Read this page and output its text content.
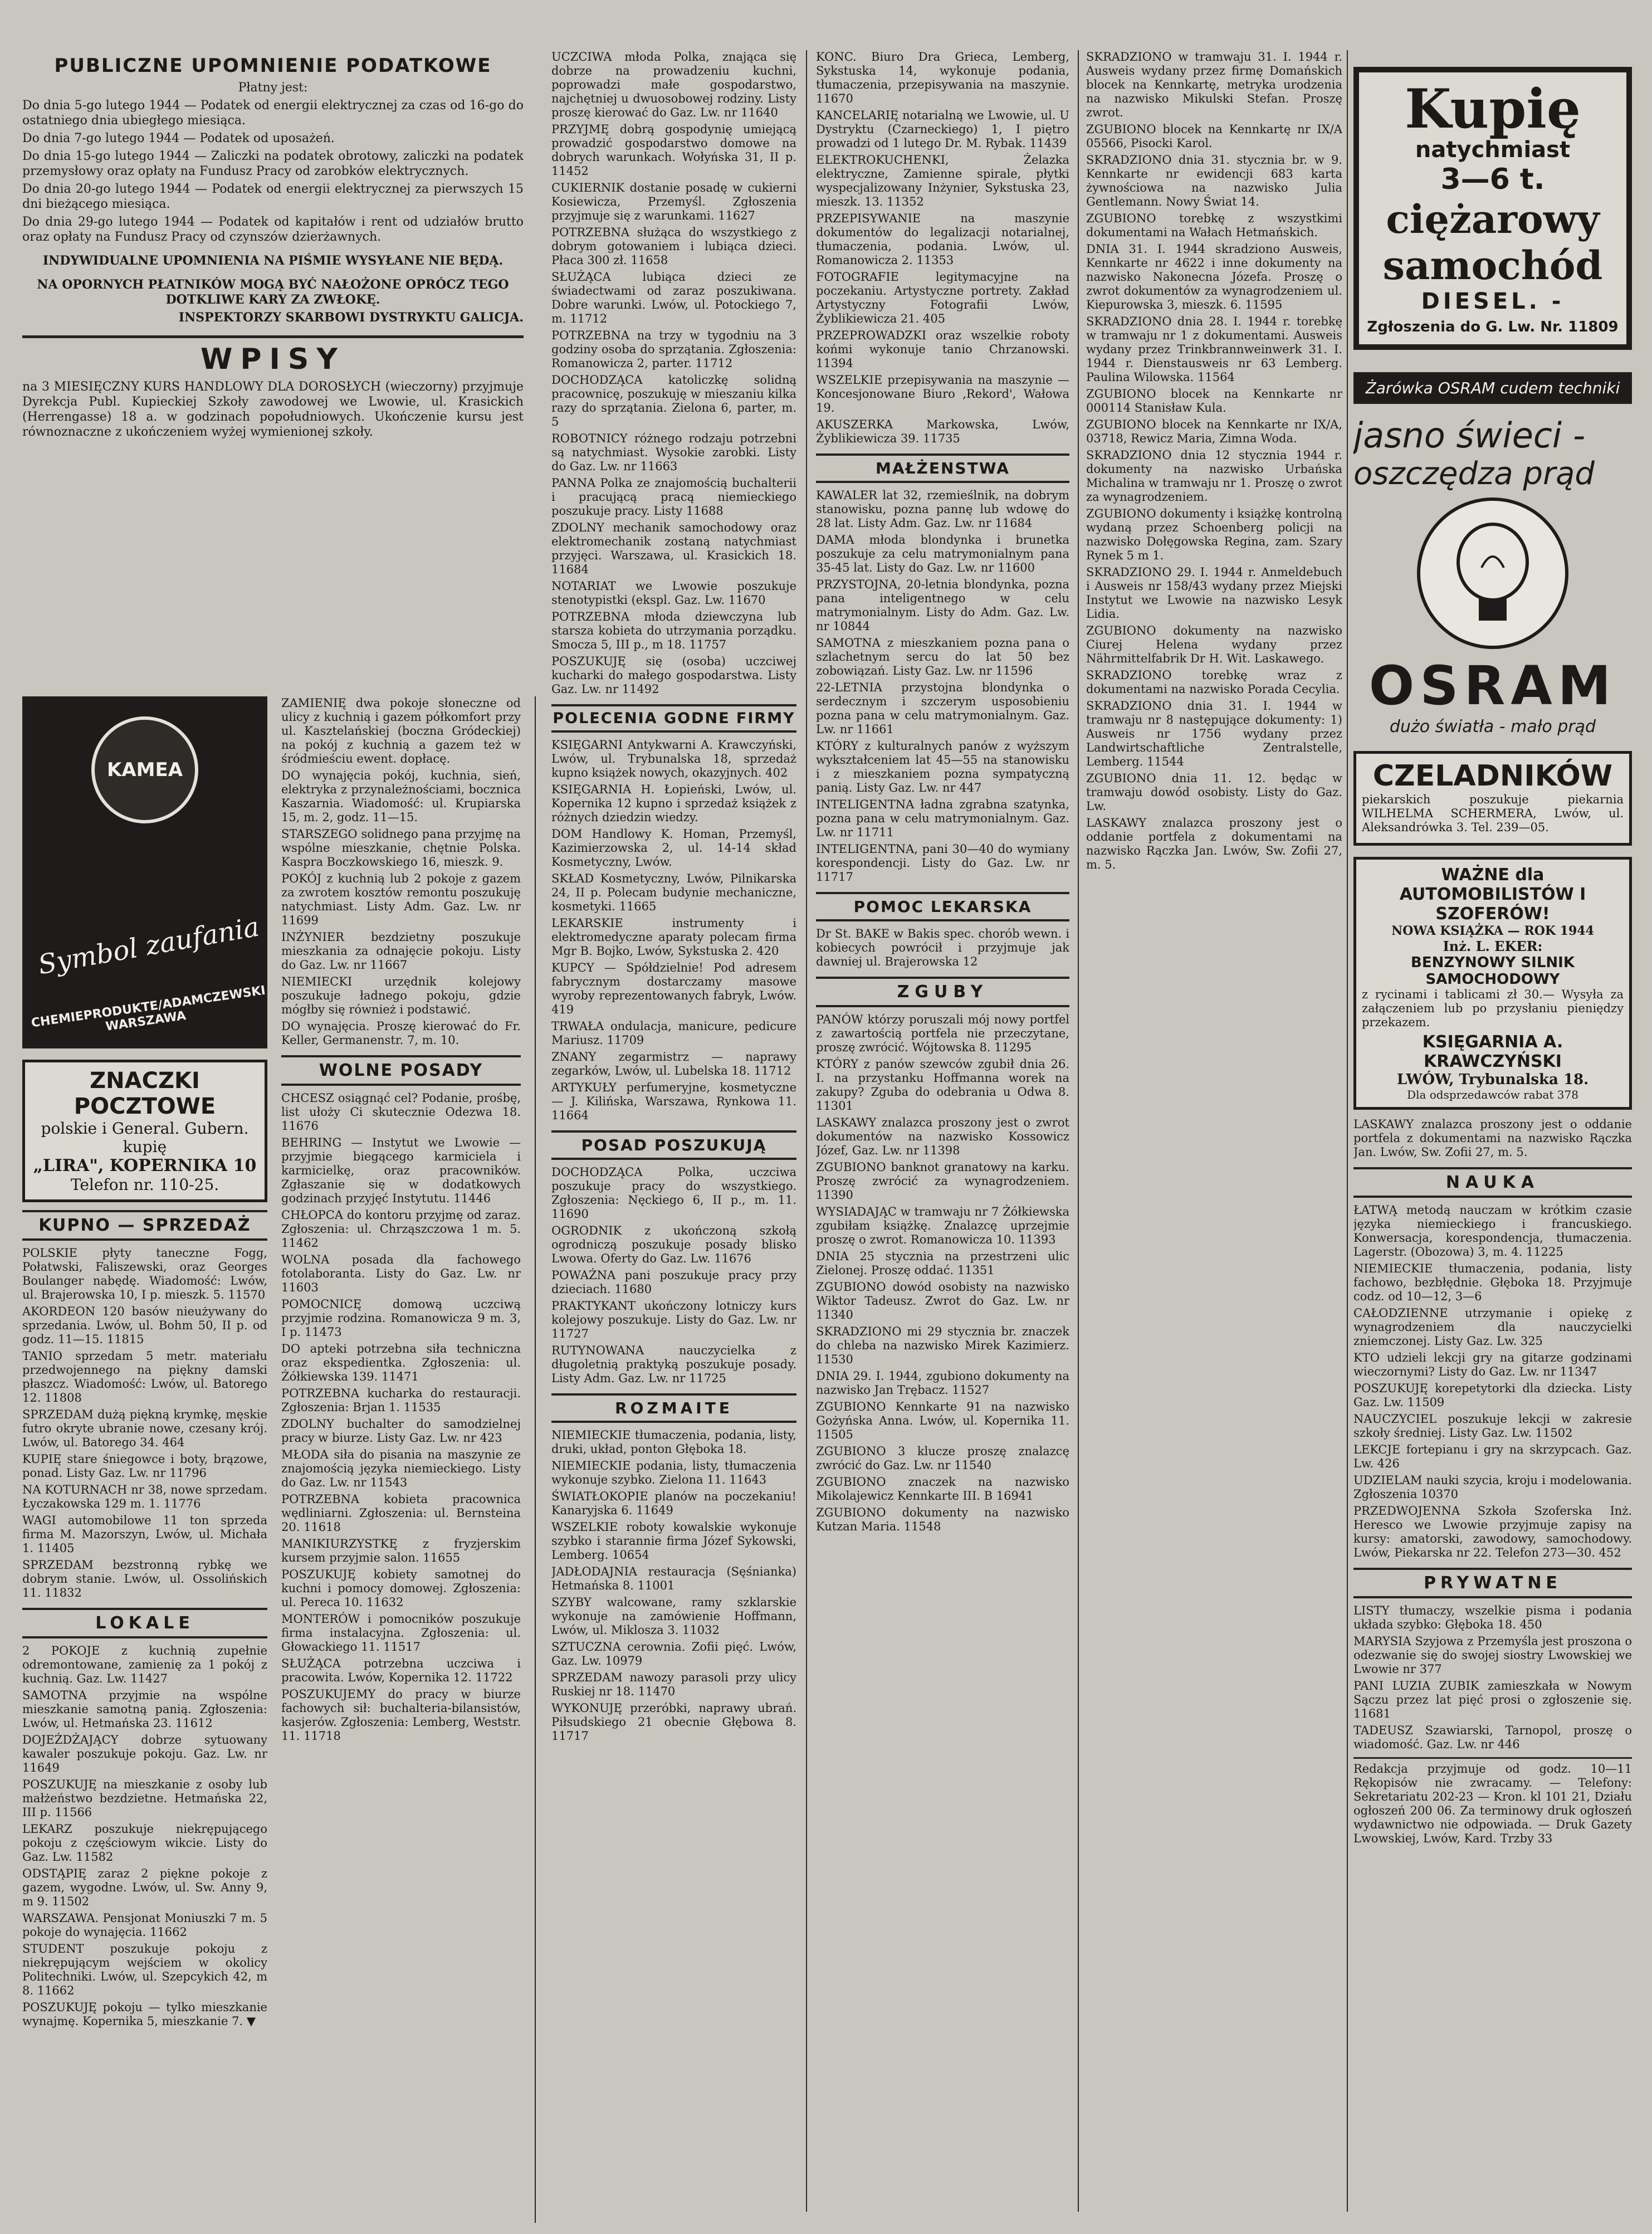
PUBLICZNE UPOMNIENIE PODATKOWE

Płatny jest:

Do dnia 5-go lutego 1944 — Podatek od energii elektrycznej za czas od 16-go do ostatniego dnia ubiegłego miesiąca.

Do dnia 7-go lutego 1944 — Podatek od uposażeń.

Do dnia 15-go lutego 1944 — Zaliczki na podatek obrotowy, zaliczki na podatek przemysłowy oraz opłaty na Fundusz Pracy od zarobków elektrycznych.

Do dnia 20-go lutego 1944 — Podatek od energii elektrycznej za pierwszych 15 dni bieżącego miesiąca.

Do dnia 29-go lutego 1944 — Podatek od kapitałów i rent od udziałów brutto oraz opłaty na Fundusz Pracy od czynszów dzierżawnych.

INDYWIDUALNE UPOMNIENIA NA PIŚMIE WYSYŁANE NIE BĘDĄ.

NA OPORNYCH PŁATNIKÓW MOGĄ BYĆ NAŁOŻONE OPRÓCZ TEGO DOTKLIWE KARY ZA ZWŁOKĘ.

INSPEKTORZY SKARBOWI DYSTRYKTU GALICJA.

WPISY

na 3 MIESIĘCZNY KURS HANDLOWY DLA DOROSŁYCH (wieczorny) przyjmuje Dyrekcja Publ. Kupieckiej Szkoły zawodowej we Lwowie, ul. Krasickich (Herrengasse) 18 a. w godzinach popołudniowych. Ukończenie kursu jest równoznaczne z ukończeniem wyżej wymienionej szkoły.

KAMEA
Symbol zaufania
CHEMIEPRODUKTE/ADAMCZEWSKI WARSZAWA
ZNACZKI POCZTOWE
polskie i General. Gubern.
kupię
„LIRA", KOPERNIKA 10
Telefon nr. 110-25.
KUPNO — SPRZEDAŻ

POLSKIE płyty taneczne Fogg, Połatwski, Faliszewski, oraz Georges Boulanger nabędę. Wiadomość: Lwów, ul. Brajerowska 10, I p. mieszk. 5. 11570

AKORDEON 120 basów nieużywany do sprzedania. Lwów, ul. Bohm 50, II p. od godz. 11—15. 11815

TANIO sprzedam 5 metr. materiału przedwojennego na piękny damski płaszcz. Wiadomość: Lwów, ul. Batorego 12. 11808

SPRZEDAM dużą piękną krymkę, męskie futro okryte ubranie nowe, czesany krój. Lwów, ul. Batorego 34. 464

KUPIĘ stare śniegowce i boty, brązowe, ponad. Listy Gaz. Lw. nr 11796

NA KOTURNACH nr 38, nowe sprzedam. Łyczakowska 129 m. 1. 11776

WAGI automobilowe 11 ton sprzeda firma M. Mazorszyn, Lwów, ul. Michała 1. 11405

SPRZEDAM bezstronną rybkę we dobrym stanie. Lwów, ul. Ossolińskich 11. 11832

LOKALE

2 POKOJE z kuchnią zupełnie odremontowane, zamienię za 1 pokój z kuchnią. Gaz. Lw. 11427

SAMOTNA przyjmie na wspólne mieszkanie samotną panią. Zgłoszenia: Lwów, ul. Hetmańska 23. 11612

DOJEŻDŻAJĄCY dobrze sytuowany kawaler poszukuje pokoju. Gaz. Lw. nr 11649

POSZUKUJĘ na mieszkanie z osoby lub małżeństwo bezdzietne. Hetmańska 22, III p. 11566

LEKARZ poszukuje niekrępującego pokoju z częściowym wikcie. Listy do Gaz. Lw. 11582

ODSTĄPIĘ zaraz 2 piękne pokoje z gazem, wygodne. Lwów, ul. Sw. Anny 9, m 9. 11502

WARSZAWA. Pensjonat Moniuszki 7 m. 5 pokoje do wynajęcia. 11662

STUDENT poszukuje pokoju z niekrępującym wejściem w okolicy Politechniki. Lwów, ul. Szepcykich 42, m 8. 11662

POSZUKUJĘ pokoju — tylko mieszkanie wynajmę. Kopernika 5, mieszkanie 7. ▼

ZAMIENIĘ dwa pokoje słoneczne od ulicy z kuchnią i gazem półkomfort przy ul. Kasztelańskiej (boczna Gródeckiej) na pokój z kuchnią a gazem też w śródmieściu ewent. dopłacę.

DO wynajęcia pokój, kuchnia, sień, elektryka z przynależnościami, bocznica Kaszarnia. Wiadomość: ul. Krupiarska 15, m. 2, godz. 11—15.

STARSZEGO solidnego pana przyjmę na wspólne mieszkanie, chętnie Polska. Kaspra Boczkowskiego 16, mieszk. 9.

POKÓJ z kuchnią lub 2 pokoje z gazem za zwrotem kosztów remontu poszukuję natychmiast. Listy Adm. Gaz. Lw. nr 11699

INŻYNIER bezdzietny poszukuje mieszkania za odnajęcie pokoju. Listy do Gaz. Lw. nr 11667

NIEMIECKI urzędnik kolejowy poszukuje ładnego pokoju, gdzie mógłby się również i podstawić.

DO wynajęcia. Proszę kierować do Fr. Keller, Germanenstr. 7, m. 10.

WOLNE POSADY

CHCESZ osiągnąć cel? Podanie, prośbę, list ułoży Ci skutecznie Odezwa 18. 11676

BEHRING — Instytut we Lwowie — przyjmie biegącego karmiciela i karmicielkę, oraz pracowników. Zgłaszanie się w dodatkowych godzinach przyjęć Instytutu. 11446

CHŁOPCA do kontoru przyjmę od zaraz. Zgłoszenia: ul. Chrząszczowa 1 m. 5. 11462

WOLNA posada dla fachowego fotolaboranta. Listy do Gaz. Lw. nr 11603

POMOCNICĘ domową uczciwą przyjmie rodzina. Romanowicza 9 m. 3, I p. 11473

DO apteki potrzebna siła techniczna oraz ekspedientka. Zgłoszenia: ul. Żółkiewska 139. 11471

POTRZEBNA kucharka do restauracji. Zgłoszenia: Brjan 1. 11535

ZDOLNY buchalter do samodzielnej pracy w biurze. Listy Gaz. Lw. nr 423

MŁODA siła do pisania na maszynie ze znajomością języka niemieckiego. Listy do Gaz. Lw. nr 11543

POTRZEBNA kobieta pracownica wędliniarni. Zgłoszenia: ul. Bernsteina 20. 11618

MANIKIURZYSTKĘ z fryzjerskim kursem przyjmie salon. 11655

POSZUKUJĘ kobiety samotnej do kuchni i pomocy domowej. Zgłoszenia: ul. Pereca 10. 11632

MONTERÓW i pomocników poszukuje firma instalacyjna. Zgłoszenia: ul. Głowackiego 11. 11517

SŁUŻĄCA potrzebna uczciwa i pracowita. Lwów, Kopernika 12. 11722

POSZUKUJEMY do pracy w biurze fachowych sił: buchalteria-bilansistów, kasjerów. Zgłoszenia: Lemberg, Weststr. 11. 11718

UCZCIWA młoda Polka, znająca się dobrze na prowadzeniu kuchni, poprowadzi małe gospodarstwo, najchętniej u dwuosobowej rodziny. Listy proszę kierować do Gaz. Lw. nr 11640

PRZYJMĘ dobrą gospodynię umiejącą prowadzić gospodarstwo domowe na dobrych warunkach. Wołyńska 31, II p. 11452

CUKIERNIK dostanie posadę w cukierni Kosiewicza, Przemyśl. Zgłoszenia przyjmuje się z warunkami. 11627

POTRZEBNA służąca do wszystkiego z dobrym gotowaniem i lubiąca dzieci. Płaca 300 zł. 11658

SŁUŻĄCA lubiąca dzieci ze świadectwami od zaraz poszukiwana. Dobre warunki. Lwów, ul. Potockiego 7, m. 11712

POTRZEBNA na trzy w tygodniu na 3 godziny osoba do sprzątania. Zgłoszenia: Romanowicza 2, parter. 11712

DOCHODZĄCA katoliczkę solidną pracownicę, poszukuję w mieszaniu kilka razy do sprzątania. Zielona 6, parter, m. 5

ROBOTNICY różnego rodzaju potrzebni są natychmiast. Wysokie zarobki. Listy do Gaz. Lw. nr 11663

PANNA Polka ze znajomością buchalterii i pracującą pracą niemieckiego poszukuje pracy. Listy 11688

ZDOLNY mechanik samochodowy oraz elektromechanik zostaną natychmiast przyjęci. Warszawa, ul. Krasickich 18. 11684

NOTARIAT we Lwowie poszukuje stenotypistki (ekspl. Gaz. Lw. 11670

POTRZEBNA młoda dziewczyna lub starsza kobieta do utrzymania porządku. Smocza 5, III p., m 18. 11757

POSZUKUJĘ się (osoba) uczciwej kucharki do małego gospodarstwa. Listy Gaz. Lw. nr 11492

POLECENIA GODNE FIRMY

KSIĘGARNI Antykwarni A. Krawczyński, Lwów, ul. Trybunalska 18, sprzedaż kupno książek nowych, okazyjnych. 402

KSIĘGARNIA H. Łopieński, Lwów, ul. Kopernika 12 kupno i sprzedaż książek z różnych dziedzin wiedzy.

DOM Handlowy K. Homan, Przemyśl, Kazimierzowska 2, ul. 14-14 skład Kosmetyczny, Lwów.

SKŁAD Kosmetyczny, Lwów, Pilnikarska 24, II p. Polecam budynie mechaniczne, kosmetyki. 11665

LEKARSKIE instrumenty i elektromedyczne aparaty polecam firma Mgr B. Bojko, Lwów, Sykstuska 2. 420

KUPCY — Spółdzielnie! Pod adresem fabrycznym dostarczamy masowe wyroby reprezentowanych fabryk, Lwów. 419

TRWAŁA ondulacja, manicure, pedicure Mariusz. 11709

ZNANY zegarmistrz — naprawy zegarków, Lwów, ul. Lubelska 18. 11712

ARTYKUŁY perfumeryjne, kosmetyczne — J. Kilińska, Warszawa, Rynkowa 11. 11664

POSAD POSZUKUJĄ

DOCHODZĄCA Polka, uczciwa poszukuje pracy do wszystkiego. Zgłoszenia: Nęckiego 6, II p., m. 11. 11690

OGRODNIK z ukończoną szkołą ogrodniczą poszukuje posady blisko Lwowa. Oferty do Gaz. Lw. 11676

POWAŻNA pani poszukuje pracy przy dzieciach. 11680

PRAKTYKANT ukończony lotniczy kurs kolejowy poszukuje. Listy do Gaz. Lw. nr 11727

RUTYNOWANA nauczycielka z długoletnią praktyką poszukuje posady. Listy Adm. Gaz. Lw. nr 11725

ROZMAITE

NIEMIECKIE tłumaczenia, podania, listy, druki, układ, ponton Głęboka 18.

NIEMIECKIE podania, listy, tłumaczenia wykonuje szybko. Zielona 11. 11643

ŚWIATŁOKOPIE planów na poczekaniu! Kanaryjska 6. 11649

WSZELKIE roboty kowalskie wykonuje szybko i starannie firma Józef Sykowski, Lemberg. 10654

JADŁODAJNIA restauracja (Sęśnianka) Hetmańska 8. 11001

SZYBY walcowane, ramy szklarskie wykonuje na zamówienie Hoffmann, Lwów, ul. Miklosza 3. 11032

SZTUCZNA cerownia. Zofii pięć. Lwów, Gaz. Lw. 10979

SPRZEDAM nawozy parasoli przy ulicy Ruskiej nr 18. 11470

WYKONUJĘ przeróbki, naprawy ubrań. Piłsudskiego 21 obecnie Głębowa 8. 11717

KONC. Biuro Dra Grieca, Lemberg, Sykstuska 14, wykonuje podania, tłumaczenia, przepisywania na maszynie. 11670

KANCELARIĘ notarialną we Lwowie, ul. U Dystryktu (Czarneckiego) 1, I piętro prowadzi od 1 lutego Dr. M. Rybak. 11439

ELEKTROKUCHENKI, Żelazka elektryczne, Zamienne spirale, płytki wyspecjalizowany Inżynier, Sykstuska 23, mieszk. 13. 11352

PRZEPISYWANIE na maszynie dokumentów do legalizacji notarialnej, tłumaczenia, podania. Lwów, ul. Romanowicza 2. 11353

FOTOGRAFIE legitymacyjne na poczekaniu. Artystyczne portrety. Zakład Artystyczny Fotografii Lwów, Żyblikiewicza 21. 405

PRZEPROWADZKI oraz wszelkie roboty końmi wykonuje tanio Chrzanowski. 11394

WSZELKIE przepisywania na maszynie — Koncesjonowane Biuro ‚Rekord', Wałowa 19.

AKUSZERKA Markowska, Lwów, Żyblikiewicza 39. 11735

MAŁŻENSTWA

KAWALER lat 32, rzemieślnik, na dobrym stanowisku, pozna pannę lub wdowę do 28 lat. Listy Adm. Gaz. Lw. nr 11684

DAMA młoda blondynka i brunetka poszukuje za celu matrymonialnym pana 35-45 lat. Listy do Gaz. Lw. nr 11600

PRZYSTOJNA, 20-letnia blondynka, pozna pana inteligentnego w celu matrymonialnym. Listy do Adm. Gaz. Lw. nr 10844

SAMOTNA z mieszkaniem pozna pana o szlachetnym sercu do lat 50 bez zobowiązań. Listy Gaz. Lw. nr 11596

22-LETNIA przystojna blondynka o serdecznym i szczerym usposobieniu pozna pana w celu matrymonialnym. Gaz. Lw. nr 11661

KTÓRY z kulturalnych panów z wyższym wykształceniem lat 45—55 na stanowisku i z mieszkaniem pozna sympatyczną panią. Listy Gaz. Lw. nr 447

INTELIGENTNA ładna zgrabna szatynka, pozna pana w celu matrymonialnym. Gaz. Lw. nr 11711

INTELIGENTNA, pani 30—40 do wymiany korespondencji. Listy do Gaz. Lw. nr 11717

POMOC LEKARSKA

Dr St. BAKE w Bakis spec. chorób wewn. i kobiecych powrócił i przyjmuje jak dawniej ul. Brajerowska 12

ZGUBY

PANÓW którzy poruszali mój nowy portfel z zawartością portfela nie przeczytane, proszę zwrócić. Wójtowska 8. 11295

KTÓRY z panów szewców zgubił dnia 26. I. na przystanku Hoffmanna worek na zakupy? Zguba do odebrania u Odwa 8. 11301

LASKAWY znalazca proszony jest o zwrot dokumentów na nazwisko Kossowicz Józef, Gaz. Lw. nr 11398

ZGUBIONO banknot granatowy na karku. Proszę zwrócić za wynagrodzeniem. 11390

WYSIADAJĄC w tramwaju nr 7 Żółkiewska zgubiłam książkę. Znalazcę uprzejmie proszę o zwrot. Romanowicza 10. 11393

DNIA 25 stycznia na przestrzeni ulic Zielonej. Proszę oddać. 11351

ZGUBIONO dowód osobisty na nazwisko Wiktor Tadeusz. Zwrot do Gaz. Lw. nr 11340

SKRADZIONO mi 29 stycznia br. znaczek do chleba na nazwisko Mirek Kazimierz. 11530

DNIA 29. I. 1944, zgubiono dokumenty na nazwisko Jan Trębacz. 11527

ZGUBIONO Kennkarte 91 na nazwisko Gożyńska Anna. Lwów, ul. Kopernika 11. 11505

ZGUBIONO 3 klucze proszę znalazcę zwrócić do Gaz. Lw. nr 11540

ZGUBIONO znaczek na nazwisko Mikolajewicz Kennkarte III. B 16941

ZGUBIONO dokumenty na nazwisko Kutzan Maria. 11548

SKRADZIONO w tramwaju 31. I. 1944 r. Ausweis wydany przez firmę Domańskich blocek na Kennkartę, metryka urodzenia na nazwisko Mikulski Stefan. Proszę zwrot.

ZGUBIONO blocek na Kennkartę nr IX/A 05566, Pisocki Karol.

SKRADZIONO dnia 31. stycznia br. w 9. Kennkarte nr ewidencji 683 karta żywnościowa na nazwisko Julia Gentlemann. Nowy Świat 14.

ZGUBIONO torebkę z wszystkimi dokumentami na Wałach Hetmańskich.

DNIA 31. I. 1944 skradziono Ausweis, Kennkarte nr 4622 i inne dokumenty na nazwisko Nakonecna Józefa. Proszę o zwrot dokumentów za wynagrodzeniem ul. Kiepurowska 3, mieszk. 6. 11595

SKRADZIONO dnia 28. I. 1944 r. torebkę w tramwaju nr 1 z dokumentami. Ausweis wydany przez Trinkbrannweinwerk 31. I. 1944 r. Dienstausweis nr 63 Lemberg. Paulina Wilowska. 11564

ZGUBIONO blocek na Kennkarte nr 000114 Stanisław Kula.

ZGUBIONO blocek na Kennkarte nr IX/A, 03718, Rewicz Maria, Zimna Woda.

SKRADZIONO dnia 12 stycznia 1944 r. dokumenty na nazwisko Urbańska Michalina w tramwaju nr 1. Proszę o zwrot za wynagrodzeniem.

ZGUBIONO dokumenty i książkę kontrolną wydaną przez Schoenberg policji na nazwisko Dołęgowska Regina, zam. Szary Rynek 5 m 1.

SKRADZIONO 29. I. 1944 r. Anmeldebuch i Ausweis nr 158/43 wydany przez Miejski Instytut we Lwowie na nazwisko Lesyk Lidia.

ZGUBIONO dokumenty na nazwisko Ciurej Helena wydany przez Nährmittelfabrik Dr H. Wit. Laskawego.

SKRADZIONO torebkę wraz z dokumentami na nazwisko Porada Cecylia.

SKRADZIONO dnia 31. I. 1944 w tramwaju nr 8 następujące dokumenty: 1) Ausweis nr 1756 wydany przez Landwirtschaftliche Zentralstelle, Lemberg. 11544

ZGUBIONO dnia 11. 12. będąc w tramwaju dowód osobisty. Listy do Gaz. Lw.

LASKAWY znalazca proszony jest o oddanie portfela z dokumentami na nazwisko Rączka Jan. Lwów, Sw. Zofii 27, m. 5.

Kupię
natychmiast
3—6 t.
ciężarowy
samochód
DIESEL. -
Zgłoszenia do G. Lw. Nr. 11809
Żarówka OSRAM cudem techniki
jasno świeci -
oszczędza prąd
OSRAM
dużo światła - mało prąd
CZELADNIKÓW

piekarskich poszukuje piekarnia WILHELMA SCHERMERA, Lwów, ul. Aleksandrówka 3. Tel. 239—05.

WAŻNE dla AUTOMOBILISTÓW I SZOFERÓW!
NOWA KSIĄŻKA — ROK 1944
Inż. L. EKER:
BENZYNOWY SILNIK SAMOCHODOWY

z rycinami i tablicami zł 30.— Wysyła za załączeniem lub po przysłaniu pieniędzy przekazem.

KSIĘGARNIA A. KRAWCZYŃSKI
LWÓW, Trybunalska 18.
Dla odsprzedawców rabat 378

LASKAWY znalazca proszony jest o oddanie portfela z dokumentami na nazwisko Rączka Jan. Lwów, Sw. Zofii 27, m. 5.

NAUKA

ŁATWĄ metodą nauczam w krótkim czasie języka niemieckiego i francuskiego. Konwersacja, korespondencja, tłumaczenia. Lagerstr. (Obozowa) 3, m. 4. 11225

NIEMIECKIE tłumaczenia, podania, listy fachowo, bezbłędnie. Głęboka 18. Przyjmuje codz. od 10—12, 3—6

CAŁODZIENNE utrzymanie i opiekę z wynagrodzeniem dla nauczycielki zniemczonej. Listy Gaz. Lw. 325

KTO udzieli lekcji gry na gitarze godzinami wieczornymi? Listy do Gaz. Lw. nr 11347

POSZUKUJĘ korepetytorki dla dziecka. Listy Gaz. Lw. 11509

NAUCZYCIEL poszukuje lekcji w zakresie szkoły średniej. Listy Gaz. Lw. 11502

LEKCJE fortepianu i gry na skrzypcach. Gaz. Lw. 426

UDZIELAM nauki szycia, kroju i modelowania. Zgłoszenia 10370

PRZEDWOJENNA Szkoła Szoferska Inż. Heresco we Lwowie przyjmuje zapisy na kursy: amatorski, zawodowy, samochodowy. Lwów, Piekarska nr 22. Telefon 273—30. 452

PRYWATNE

LISTY tłumaczy, wszelkie pisma i podania układa szybko: Głęboka 18. 450

MARYSIA Szyjowa z Przemyśla jest proszona o odezwanie się do swojej siostry Lwowskiej we Lwowie nr 377

PANI LUZIA ZUBIK zamieszkała w Nowym Sączu przez lat pięć prosi o zgłoszenie się. 11681

TADEUSZ Szawiarski, Tarnopol, proszę o wiadomość. Gaz. Lw. nr 446

Redakcja przyjmuje od godz. 10—11 Rękopisów nie zwracamy. — Telefony: Sekretariatu 202-23 — Kron. kl 101 21, Działu ogłoszeń 200 06. Za terminowy druk ogłoszeń wydawnictwo nie odpowiada. — Druk Gazety Lwowskiej, Lwów, Kard. Trzby 33
